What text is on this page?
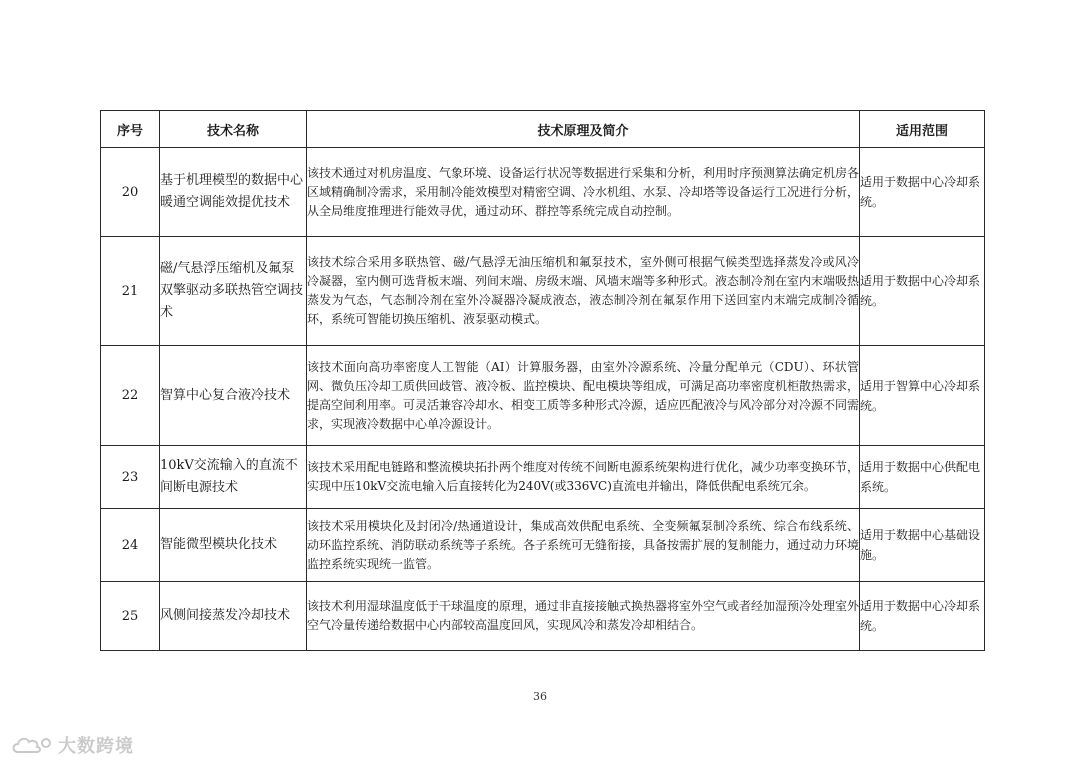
序号	技术名称	技术原理及简介	适用范围
20	基于机理模型的数据中心暖通空调能效提优技术	该技术通过对机房温度、气象环境、设备运行状况等数据进行采集和分析，利用时序预测算法确定机房各区域精确制冷需求，采用制冷能效模型对精密空调、冷水机组、水泵、冷却塔等设备运行工况进行分析，从全局维度推理进行能效寻优，通过动环、群控等系统完成自动控制。	适用于数据中心冷却系统。
21	磁/气悬浮压缩机及氟泵双擎驱动多联热管空调技术	该技术综合采用多联热管、磁/气悬浮无油压缩机和氟泵技术，室外侧可根据气候类型选择蒸发冷或风冷冷凝器，室内侧可选背板末端、列间末端、房级末端、风墙末端等多种形式。液态制冷剂在室内末端吸热蒸发为气态，气态制冷剂在室外冷凝器冷凝成液态，液态制冷剂在氟泵作用下送回室内末端完成制冷循环，系统可智能切换压缩机、液泵驱动模式。	适用于数据中心冷却系统。
22	智算中心复合液冷技术	该技术面向高功率密度人工智能（AI）计算服务器，由室外冷源系统、冷量分配单元（CDU）、环状管网、微负压冷却工质供回歧管、液冷板、监控模块、配电模块等组成，可满足高功率密度机柜散热需求，提高空间利用率。可灵活兼容冷却水、相变工质等多种形式冷源，适应匹配液冷与风冷部分对冷源不同需求，实现液冷数据中心单冷源设计。	适用于智算中心冷却系统。
23	10kV交流输入的直流不间断电源技术	该技术采用配电链路和整流模块拓扑两个维度对传统不间断电源系统架构进行优化，减少功率变换环节，实现中压10kV交流电输入后直接转化为240V(或336VC)直流电并输出，降低供配电系统冗余。	适用于数据中心供配电系统。
24	智能微型模块化技术	该技术采用模块化及封闭冷/热通道设计，集成高效供配电系统、全变频氟泵制冷系统、综合布线系统、动环监控系统、消防联动系统等子系统。各子系统可无缝衔接，具备按需扩展的复制能力，通过动力环境监控系统实现统一监管。	适用于数据中心基础设施。
25	风侧间接蒸发冷却技术	该技术利用湿球温度低于干球温度的原理，通过非直接接触式换热器将室外空气或者经加湿预冷处理室外空气冷量传递给数据中心内部较高温度回风，实现风冷和蒸发冷却相结合。	适用于数据中心冷却系统。
36
大数跨境
